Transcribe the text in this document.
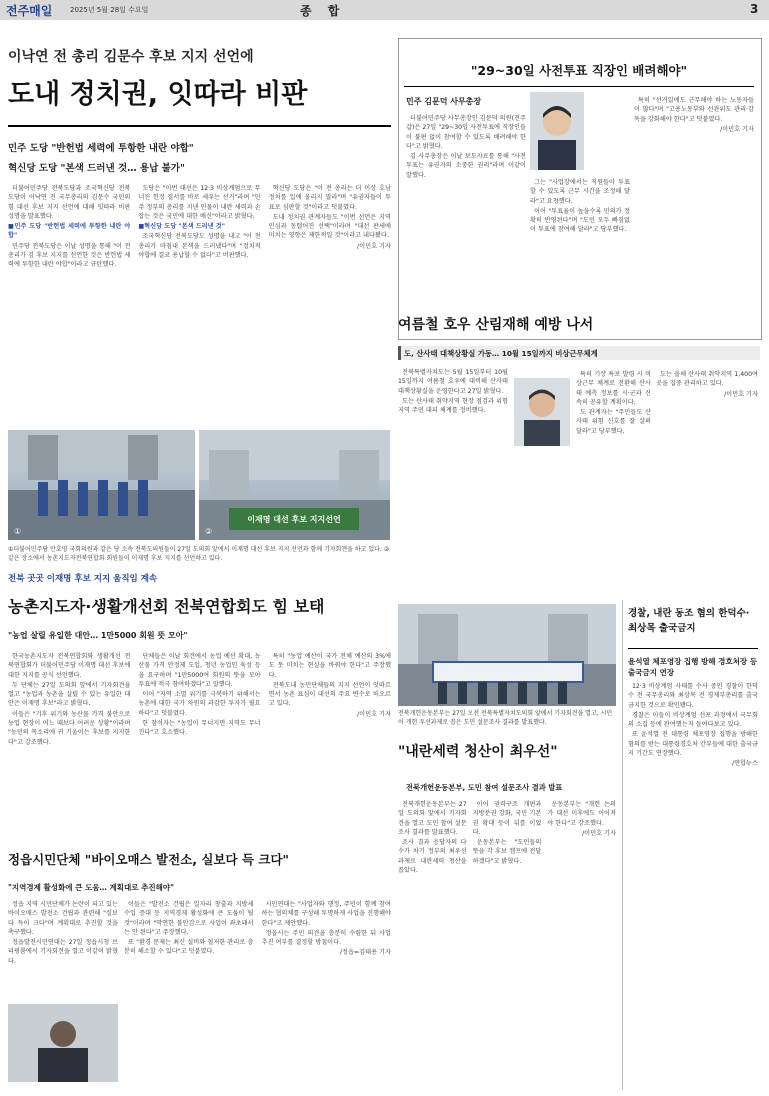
전주매일	2025년 5월 28일 수요일	종 합	3
이낙연 전 총리 김문수 후보 지지 선언에
도내 정치권, 잇따라 비판
민주 도당 "반헌법 세력에 투항한 내란 야합"
혁신당 도당 "본색 드러낸 것… 용납 불가"

더불어민주당 전북도당과 조국혁신당 전북도당이 이낙연 전 국무총리의 김문수 국민의힘 대선 후보 지지 선언에 대해 잇따라 비판 성명을 발표했다.

■민주 도당 "반헌법 세력에 투항한 내란 야합"

민주당 전북도당은 이날 성명을 통해 "이 전 총리가 김 후보 지지를 선언한 것은 반헌법 세력에 투항한 내란 야합"이라고 규탄했다.

도당은 "이번 대선은 12·3 비상계엄으로 무너진 헌정 질서를 바로 세우는 선거"라며 "민주 정부의 총리를 지낸 인물이 내란 세력과 손잡는 것은 국민에 대한 배신"이라고 밝혔다.

■혁신당 도당 "본색 드러낸 것"

조국혁신당 전북도당도 성명을 내고 "이 전 총리가 마침내 본색을 드러냈다"며 "정치적 야합에 결코 용납할 수 없다"고 비판했다.

혁신당 도당은 "이 전 총리는 더 이상 호남 정치를 입에 올리지 말라"며 "유권자들이 투표로 심판할 것"이라고 덧붙였다.

도내 정치권 관계자들도 "이번 선언은 지역 민심과 동떨어진 선택"이라며 "대선 판세에 미치는 영향은 제한적일 것"이라고 내다봤다.

/이민호 기자

①	②
이재명 대선 후보 지지선언
①더불어민주당 안호영 국회의원과 같은 당 소속 전북도의원들이 27일 도의회 앞에서 이재명 대선 후보 지지 선언과 함께 기자회견을 하고 있다. ②같은 장소에서 농촌지도자전북연합회 회원들이 이재명 후보 지지를 선언하고 있다.
전북 곳곳 이재명 후보 지지 움직임 계속
농촌지도자·생활개선회 전북연합회도 힘 보태
"농업 살릴 유일한 대안… 1만5000 회원 뜻 모아"

한국농촌지도자 전북연합회와 생활개선 전북연합회가 더불어민주당 이재명 대선 후보에 대한 지지를 공식 선언했다.

두 단체는 27일 도의회 앞에서 기자회견을 열고 "농업과 농촌을 살릴 수 있는 유일한 대안은 이재명 후보"라고 밝혔다.

이들은 "기후 위기와 농산물 가격 불안으로 농업 현장이 어느 때보다 어려운 상황"이라며 "농민의 목소리에 귀 기울이는 후보를 지지한다"고 강조했다.

단체들은 이날 회견에서 농업 예산 확대, 농산물 가격 안정제 도입, 청년 농업인 육성 등을 요구하며 "1만5000여 회원의 뜻을 모아 투표에 적극 참여하겠다"고 말했다.

이어 "지역 소멸 위기를 극복하기 위해서는 농촌에 대한 국가 차원의 과감한 투자가 필요하다"고 덧붙였다.

한 참석자는 "농업이 무너지면 지역도 무너진다"고 호소했다.

특히 "농업 예산이 국가 전체 예산의 3%에도 못 미치는 현실을 바꿔야 한다"고 주장했다.

전북도내 농민단체들의 지지 선언이 잇따르면서 농촌 표심이 대선의 주요 변수로 떠오르고 있다.

/이민호 기자

정읍시민단체 "바이오매스 발전소, 실보다 득 크다"
"지역경제 활성화에 큰 도움… 계획대로 추진해야"

정읍 지역 시민단체가 논란이 되고 있는 바이오매스 발전소 건립과 관련해 "실보다 득이 크다"며 계획대로 추진할 것을 촉구했다.

정읍발전시민연대는 27일 정읍시청 브리핑룸에서 기자회견을 열고 이같이 밝혔다.

이들은 "발전소 건립은 일자리 창출과 지방세 수입 증대 등 지역경제 활성화에 큰 도움이 될 것"이라며 "막연한 불안감으로 사업이 좌초돼서는 안 된다"고 주장했다.

또 "환경 문제는 최신 설비와 철저한 관리로 충분히 해소할 수 있다"고 덧붙였다.

시민연대는 "사업자와 행정, 주민이 함께 참여하는 협의체를 구성해 투명하게 사업을 진행해야 한다"고 제안했다.

정읍시는 주민 의견을 충분히 수렴한 뒤 사업 추진 여부를 결정할 방침이다.

/정읍=김태용 기자

"29~30일 사전투표 직장인 배려해야"
민주 김문덕 사무총장

더불어민주당 사무총장인 김문덕 의원(전주갑)은 27일 "29~30일 사전투표에 직장인들이 불편 없이 참여할 수 있도록 배려해야 한다"고 밝혔다.

김 사무총장은 이날 보도자료를 통해 "사전투표는 유권자의 소중한 권리"라며 이같이 말했다.

그는 "사업장에서는 직원들이 투표할 수 있도록 근무 시간을 조정해 달라"고 요청했다.

이어 "투표율이 높을수록 민의가 정확히 반영된다"며 "도민 모두 빠짐없이 투표에 참여해 달라"고 당부했다.

특히 "선거일에도 근무해야 하는 노동자들이 많다"며 "고용노동부와 선관위도 관리·감독을 강화해야 한다"고 덧붙였다.

/이민호 기자

여름철 호우 산림재해 예방 나서
도, 산사태 대책상황실 가동… 10월 15일까지 비상근무체계

전북특별자치도는 5월 15일부터 10월 15일까지 여름철 호우에 대비해 산사태 대책상황실을 운영한다고 27일 밝혔다.

도는 산사태 취약지역 현장 점검과 위험 지역 주민 대피 체계를 정비했다.

특히 기상 특보 발령 시 비상근무 체계로 전환해 산사태 예측 정보를 시·군과 신속히 공유할 계획이다.

도 관계자는 "주민들도 산사태 위험 신호를 잘 살펴 달라"고 당부했다.

도는 올해 산사태 취약지역 1,400여 곳을 집중 관리하고 있다.

/이민호 기자

전북개헌운동본부는 27일 오전 전북특별자치도의회 앞에서 기자회견을 열고, 시민이 개헌 우선과제로 꼽은 도민 설문조사 결과를 발표했다.
"내란세력 청산이 최우선"
전북개헌운동본부, 도민 참여 설문조사 결과 발표

전북개헌운동본부는 27일 도의회 앞에서 기자회견을 열고 도민 참여 설문조사 결과를 발표했다.

조사 결과 응답자의 다수가 차기 정부의 최우선 과제로 내란세력 청산을 꼽았다.

이어 권력구조 개편과 지방분권 강화, 국민 기본권 확대 등이 뒤를 이었다.

운동본부는 "도민들의 뜻을 각 후보 캠프에 전달하겠다"고 밝혔다.

운동본부는 "개헌 논의가 대선 이후에도 이어져야 한다"고 강조했다.

/이민호 기자

경찰, 내란 동조 혐의 한덕수·최상목 출국금지
윤석열 체포영장 집행 방해 경호처장 등 출국금지 연장

12·3 비상계엄 사태를 수사 중인 경찰이 한덕수 전 국무총리와 최상목 전 경제부총리를 출국금지한 것으로 확인됐다.

경찰은 이들이 비상계엄 선포 과정에서 국무회의 소집 등에 관여했는지 들여다보고 있다.

또 윤석열 전 대통령 체포영장 집행을 방해한 혐의를 받는 대통령경호처 간부들에 대한 출국금지 기간도 연장했다.

/연합뉴스
